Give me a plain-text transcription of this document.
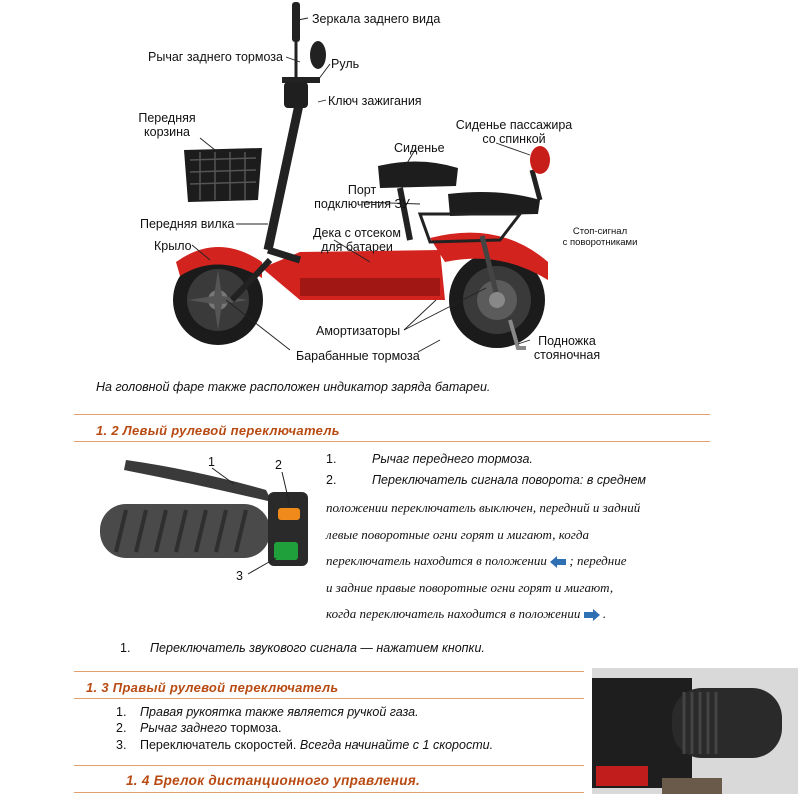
Зеркала заднего вида
Рычаг заднего тормоза	Руль
Ключ зажигания
Передняя
корзина	Сиденье пассажира
со спинкой
Сиденье
Порт
подключения ЗУ
Передняя вилка
Дека с отсеком
для батареи
Стоп-сигнал
с поворотниками
Крыло
Амортизаторы
Подножка
стояночная
Барабанные тормоза
На головной фаре также расположен индикатор заряда батареи.
1. 2 Левый рулевой переключатель
1	2
3
1.	Рычаг переднего тормоза.
2.	Переключатель сигнала поворота: в среднем
положении переключатель выключен, передний и задний
левые поворотные огни горят и мигают, когда
переключатель находится в положении ; передние
и задние правые поворотные огни горят и мигают,
когда переключатель находится в положении .
1. Переключатель звукового сигнала — нажатием кнопки.
1. 3 Правый рулевой переключатель
1. Правая рукоятка также является ручкой газа.
2. Рычаг заднего тормоза.
3. Переключатель скоростей. Всегда начинайте с 1 скорости.
1. 4 Брелок дистанционного управления.
